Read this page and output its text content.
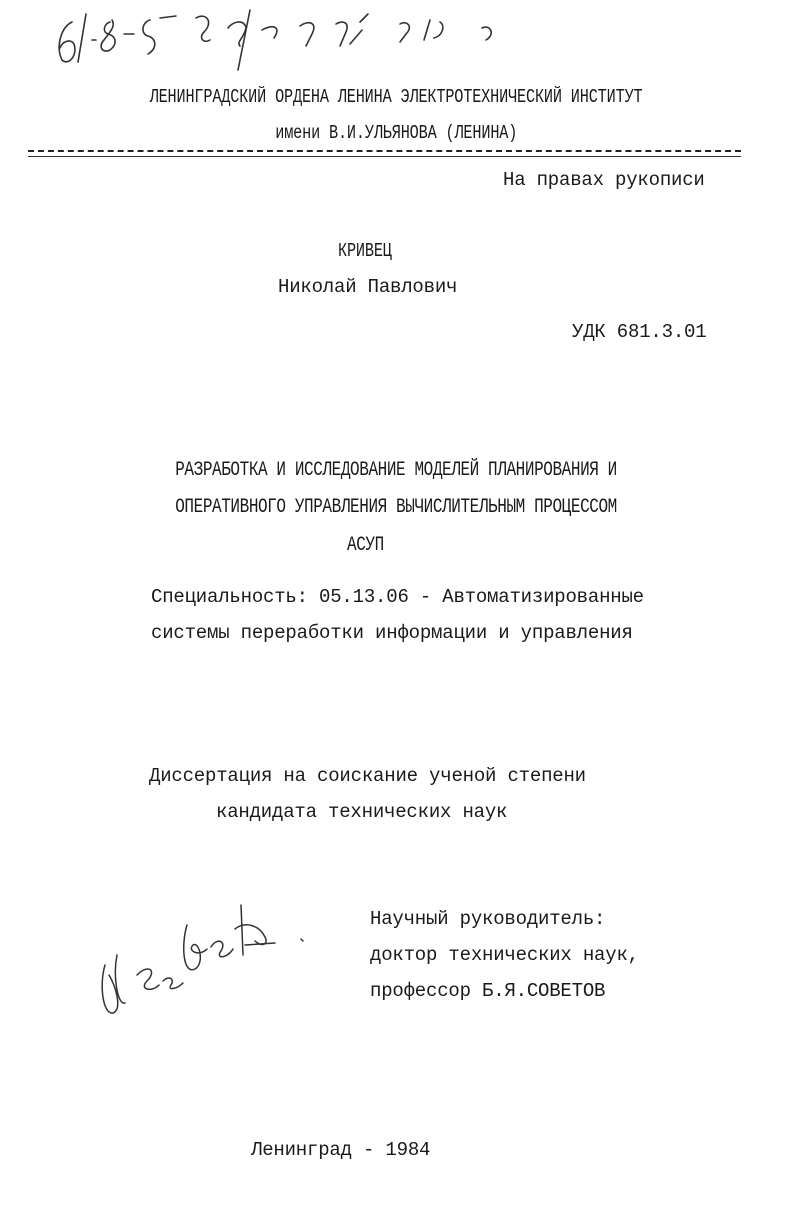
ЛЕНИНГРАДСКИЙ ОРДЕНА ЛЕНИНА ЭЛЕКТРОТЕХНИЧЕСКИЙ ИНСТИТУТ
имени В.И.УЛЬЯНОВА (ЛЕНИНА)
На правах рукописи
КРИВЕЦ
Николай Павлович
УДК 681.3.01
РАЗРАБОТКА И ИССЛЕДОВАНИЕ МОДЕЛЕЙ ПЛАНИРОВАНИЯ И
ОПЕРАТИВНОГО УПРАВЛЕНИЯ ВЫЧИСЛИТЕЛЬНЫМ ПРОЦЕССОМ
АСУП
Специальность: 05.13.06 - Автоматизированные
системы переработки информации и управления
Диссертация на соискание ученой степени
кандидата технических наук
Научный руководитель:
доктор технических наук,
профессор Б.Я.СОВЕТОВ
Ленинград - 1984
